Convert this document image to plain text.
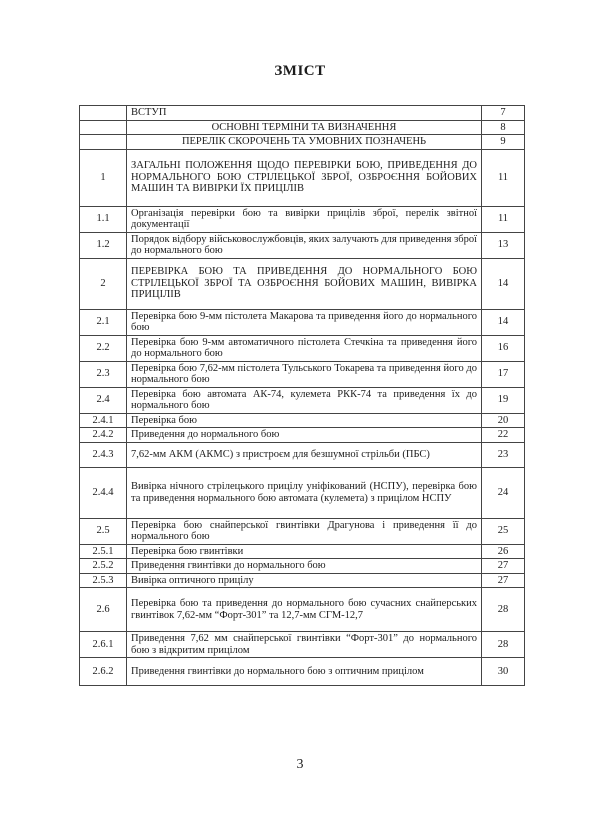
ЗМІСТ
	ВСТУП	7
	ОСНОВНІ ТЕРМІНИ ТА ВИЗНАЧЕННЯ	8
	ПЕРЕЛІК СКОРОЧЕНЬ ТА УМОВНИХ ПОЗНАЧЕНЬ	9
1	ЗАГАЛЬНІ ПОЛОЖЕННЯ ЩОДО ПЕРЕВІРКИ БОЮ, ПРИВЕДЕННЯ ДО НОРМАЛЬНОГО БОЮ СТРІЛЕЦЬКОЇ ЗБРОЇ, ОЗБРОЄННЯ БОЙОВИХ МАШИН ТА ВИВІРКИ ЇХ ПРИЦІЛІВ	11
1.1	Організація перевірки бою та вивірки прицілів зброї, перелік звітної документації	11
1.2	Порядок відбору військовослужбовців, яких залучають для приведення зброї до нормального бою	13
2	ПЕРЕВІРКА БОЮ ТА ПРИВЕДЕННЯ ДО НОРМАЛЬНОГО БОЮ СТРІЛЕЦЬКОЇ ЗБРОЇ ТА ОЗБРОЄННЯ БОЙОВИХ МАШИН, ВИВІРКА ПРИЦІЛІВ	14
2.1	Перевірка бою 9-мм пістолета Макарова та приведення його до нормального бою	14
2.2	Перевірка бою 9-мм автоматичного пістолета Стечкіна та приведення його до нормального бою	16
2.3	Перевірка бою 7,62-мм пістолета Тульського Токарева та приведення його до нормального бою	17
2.4	Перевірка бою автомата АК-74, кулемета РКК-74 та приведення їх до нормального бою	19
2.4.1	Перевірка бою	20
2.4.2	Приведення до нормального бою	22
2.4.3	7,62-мм АКМ (АКМС) з пристроєм для безшумної стрільби (ПБС)	23
2.4.4	Вивірка нічного стрілецького прицілу уніфікований (НСПУ), перевірка бою та приведення нормального бою автомата (кулемета) з прицілом НСПУ	24
2.5	Перевірка бою снайперської гвинтівки Драгунова і приведення її до нормального бою	25
2.5.1	Перевірка бою гвинтівки	26
2.5.2	Приведення гвинтівки до нормального бою	27
2.5.3	Вивірка оптичного прицілу	27
2.6	Перевірка бою та приведення до нормального бою сучасних снайперських гвинтівок 7,62-мм “Форт-301” та 12,7-мм СГМ-12,7	28
2.6.1	Приведення 7,62 мм снайперської гвинтівки “Форт-301” до нормального бою з відкритим прицілом	28
2.6.2	Приведення гвинтівки до нормального бою з оптичним прицілом	30
3
